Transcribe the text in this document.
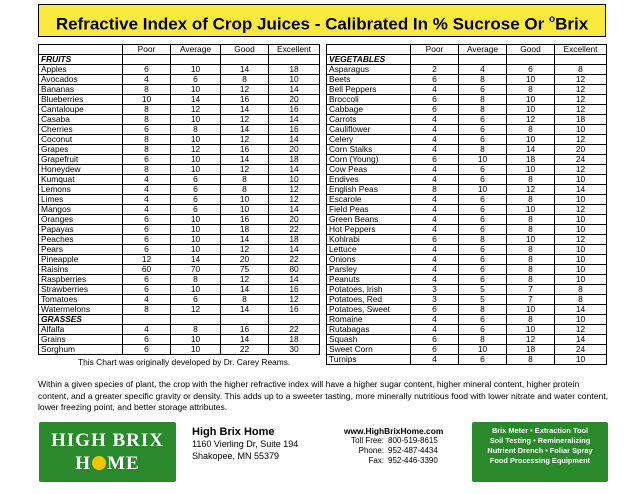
Refractive Index of Crop Juices - Calibrated In % Sucrose Or $^o$Brix
	Poor	Average	Good	Excellent
FRUITS				
Apples	6	10	14	18
Avocados	4	6	8	10
Bananas	8	10	12	14
Blueberries	10	14	16	20
Cantaloupe	8	12	14	16
Casaba	8	10	12	14
Cherries	6	8	14	16
Coconut	8	10	12	14
Grapes	8	12	16	20
Grapefruit	6	10	14	18
Honeydew	8	10	12	14
Kumquat	4	6	8	10
Lemons	4	6	8	12
Limes	4	6	10	12
Mangos	4	6	10	14
Oranges	6	10	16	20
Papayas	6	10	18	22
Peaches	6	10	14	18
Pears	6	10	12	14
Pineapple	12	14	20	22
Raisins	60	70	75	80
Raspberries	6	8	12	14
Strawberries	6	10	14	16
Tomatoes	4	6	8	12
Watermelons	8	12	14	16
GRASSES				
Alfalfa	4	8	16	22
Grains	6	10	14	18
Sorghum	6	10	22	30
	Poor	Average	Good	Excellent
VEGETABLES				
Asparagus	2	4	6	8
Beets	6	8	10	12
Bell Peppers	4	6	8	12
Broccoli	6	8	10	12
Cabbage	6	8	10	12
Carrots	4	6	12	18
Cauliflower	4	6	8	10
Celery	4	6	10	12
Corn Stalks	4	8	14	20
Corn (Young)	6	10	18	24
Cow Peas	4	6	10	12
Endives	4	6	8	10
English Peas	8	10	12	14
Escarole	4	6	8	10
Field Peas	4	6	10	12
Green Beans	4	6	8	10
Hot Peppers	4	6	8	10
Kohlrabi	6	8	10	12
Lettuce	4	6	8	10
Onions	4	6	8	10
Parsley	4	6	8	10
Peanuts	4	6	8	10
Potatoes, Irish	3	5	7	8
Potatoes, Red	3	5	7	8
Potatoes, Sweet	6	8	10	14
Romaine	4	6	8	10
Rutabagas	4	6	10	12
Squash	6	8	12	14
Sweet Corn	6	10	18	24
Turnips	4	6	8	10
This Chart was originally developed by Dr. Carey Reams.
Within a given species of plant, the crop with the higher refractive index will have a higher sugar content, higher mineral content, higher protein content, and a greater specific gravity or density. This adds up to a sweeter tasting, more minerally nutritious food with lower nitrate and water content, lower freezing point, and better storage attributes.
HIGH BRIX
H ME
High Brix Home
1160 Vierling Dr, Suite 194
Shakopee, MN 55379
www.HighBrixHome.com
Toll Free: 800-519-8615
Phone: 952-487-4434
Fax: 952-446-3390
Brix Meter • Extraction Tool
Soil Testing • Remineralizing
Nutrient Drench • Foliar Spray
Food Processing Equipment
